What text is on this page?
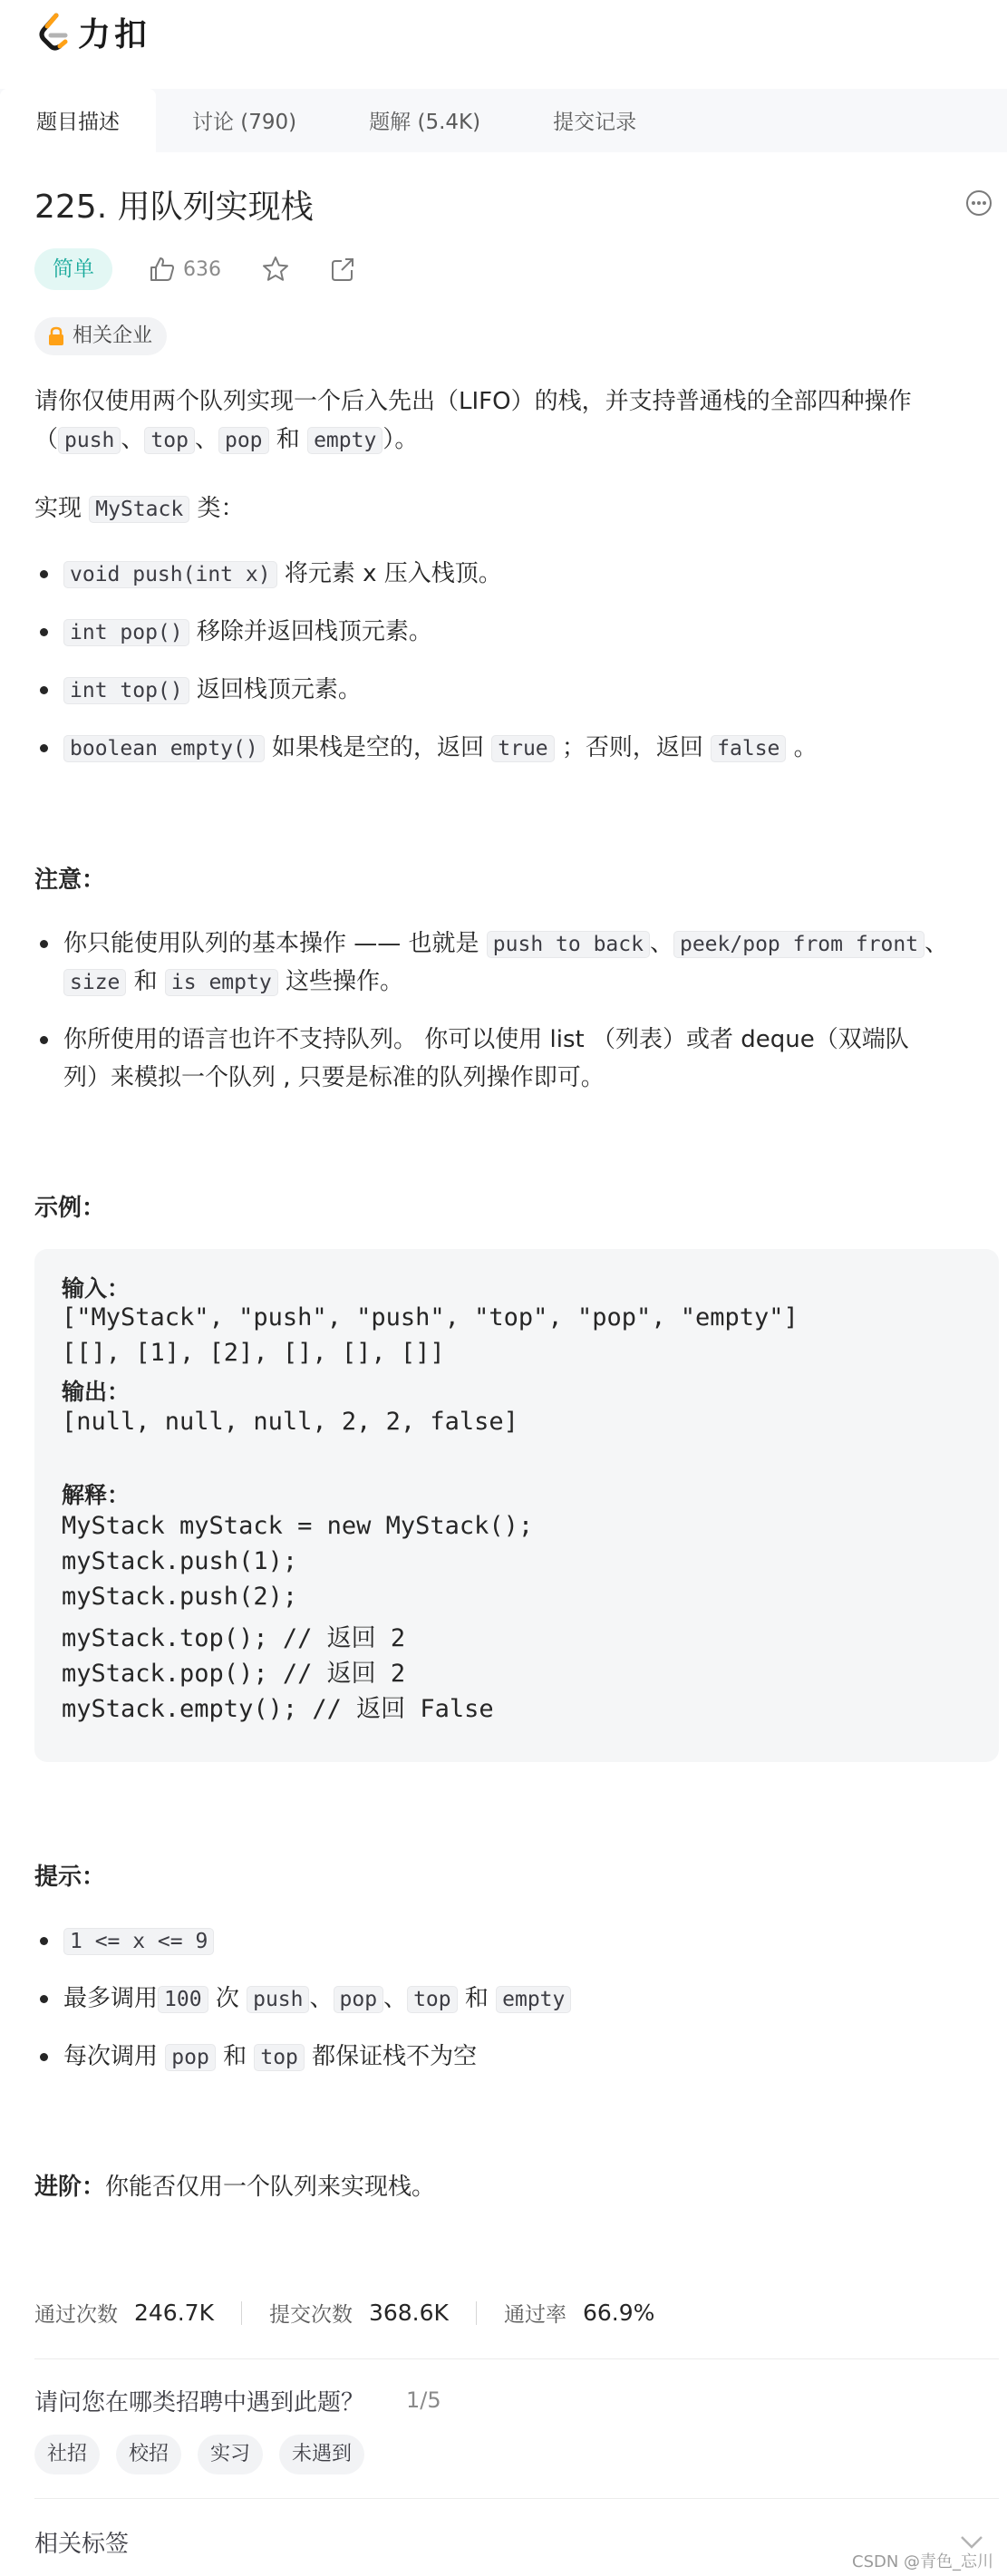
力扣
题目描述	讨论 (790)	题解 (5.4K)	提交记录
225. 用队列实现栈
简单	636
相关企业
请你仅使用两个队列实现一个后入先出（LIFO）的栈，并支持普通栈的全部四种操作
（ push 、 top 、 pop 和 empty ）。
实现 MyStack 类：
void push(int x) 将元素 x 压入栈顶。
int pop() 移除并返回栈顶元素。
int top() 返回栈顶元素。
boolean empty() 如果栈是空的，返回 true ；否则，返回 false 。
注意：
你只能使用队列的基本操作 —— 也就是 push to back 、 peek/pop from front 、
size 和 is empty 这些操作。
你所使用的语言也许不支持队列。 你可以使用 list （列表）或者 deque（双端队
列）来模拟一个队列 , 只要是标准的队列操作即可。
示例：
输入：
["MyStack", "push", "push", "top", "pop", "empty"]
[[], [1], [2], [], [], []]
输出：
[null, null, null, 2, 2, false]
解释：
MyStack myStack = new MyStack();
myStack.push(1);
myStack.push(2);
myStack.top(); // 返回 2
myStack.pop(); // 返回 2
myStack.empty(); // 返回 False
提示：
1 <= x <= 9
最多调用 100 次 push 、 pop 、 top 和 empty
每次调用 pop 和 top 都保证栈不为空
进阶：你能否仅用一个队列来实现栈。
通过次数 246.7K	提交次数 368.6K	通过率 66.9%
请问您在哪类招聘中遇到此题？ 1/5
社招	校招	实习	未遇到
相关标签
CSDN @青色_忘川
